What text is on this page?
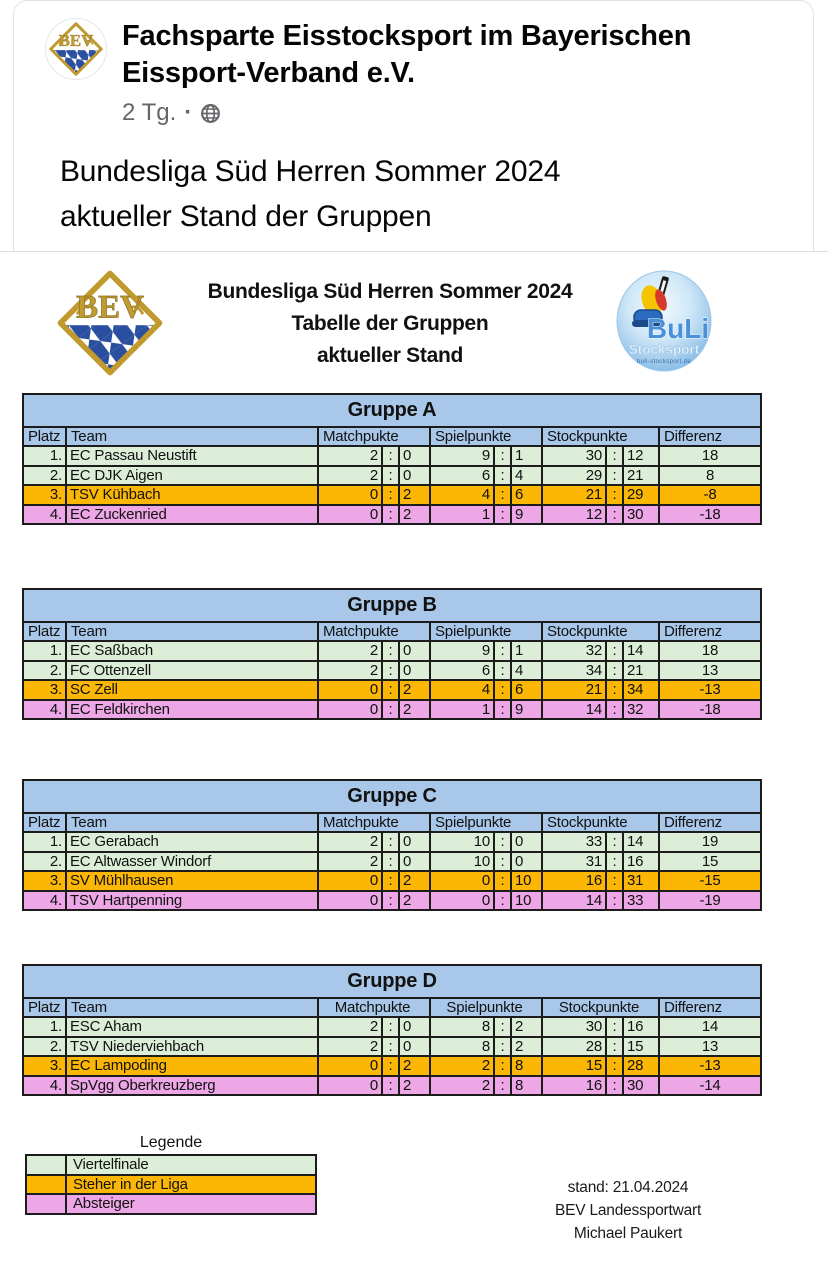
Fachsparte Eisstocksport im Bayerischen Eissport-Verband e.V.
2 Tg. ·
Bundesliga Süd Herren Sommer 2024
aktueller Stand der Gruppen
Bundesliga Süd Herren Sommer 2024
Tabelle der Gruppen
aktueller Stand
BuLi
Stocksport
buli-stocksport.de
Legende
	Viertelfinale
	Steher in der Liga
	Absteiger
stand: 21.04.2024
BEV Landessportwart
Michael Paukert
Gruppe A											
Platz	Team	Matchpukte			Spielpunkte			Stockpunkte			Differenz
1.	EC Passau Neustift	2	:	0	9	:	1	30	:	12	18
2.	EC DJK Aigen	2	:	0	6	:	4	29	:	21	8
3.	TSV Kühbach	0	:	2	4	:	6	21	:	29	-8
4.	EC Zuckenried	0	:	2	1	:	9	12	:	30	-18
Gruppe B											
Platz	Team	Matchpukte			Spielpunkte			Stockpunkte			Differenz
1.	EC Saßbach	2	:	0	9	:	1	32	:	14	18
2.	FC Ottenzell	2	:	0	6	:	4	34	:	21	13
3.	SC Zell	0	:	2	4	:	6	21	:	34	-13
4.	EC Feldkirchen	0	:	2	1	:	9	14	:	32	-18
Gruppe C											
Platz	Team	Matchpukte			Spielpunkte			Stockpunkte			Differenz
1.	EC Gerabach	2	:	0	10	:	0	33	:	14	19
2.	EC Altwasser Windorf	2	:	0	10	:	0	31	:	16	15
3.	SV Mühlhausen	0	:	2	0	:	10	16	:	31	-15
4.	TSV Hartpenning	0	:	2	0	:	10	14	:	33	-19
Gruppe D											
Platz	Team	Matchpukte			Spielpunkte			Stockpunkte			Differenz
1.	ESC Aham	2	:	0	8	:	2	30	:	16	14
2.	TSV Niederviehbach	2	:	0	8	:	2	28	:	15	13
3.	EC Lampoding	0	:	2	2	:	8	15	:	28	-13
4.	SpVgg Oberkreuzberg	0	:	2	2	:	8	16	:	30	-14
